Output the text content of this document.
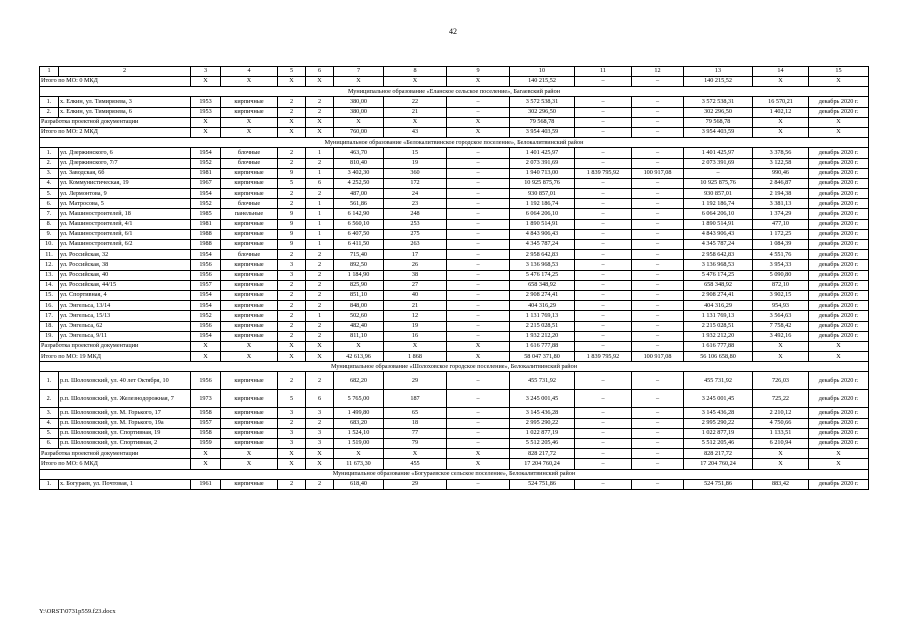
42
1	2	3	4	5	6	7	8	9	10	11	12	13	14	15
Итого по МО: 0 МКД		X	X	X	X	X	X	X	140 215,52	–	–	140 215,52	X	X
Муниципальное образование «Еланское сельское поселение», Багаевский район														
1.	х. Елкин, ул. Тимирязева, 3	1953	кирпичные	2	2	380,00	22	–	3 572 538,31	–	–	3 572 538,31	16 570,21	декабрь 2020 г.
2.	х. Елкин, ул. Тимирязева, 6	1953	кирпичные	2	2	380,00	21	–	302 296,50	–	–	302 296,50	1 402,12	декабрь 2020 г.
Разработка проектной документации		X	X	X	X	X	X	X	79 568,78	–	–	79 568,78	X	X
Итого по МО: 2 МКД		X	X	X	X	760,00	43	X	3 954 403,59	–	–	3 954 403,59	X	X
Муниципальное образование «Белокалитвинское городское поселение», Белокалитвинский район														
1.	ул. Дзержинского, 6	1954	блочные	2	1	463,70	15	–	1 401 425,97	–	–	1 401 425,97	3 378,56	декабрь 2020 г.
2.	ул. Дзержинского, 7/7	1952	блочные	2	2	810,40	19	–	2 073 391,69	–	–	2 073 391,69	3 122,58	декабрь 2020 г.
3.	ул. Заводская, 6б	1981	кирпичные	9	1	3 402,30	360	–	1 940 713,00	1 839 795,92	100 917,08	–	990,46	декабрь 2020 г.
4.	ул. Коммунистическая, 19	1967	кирпичные	5	6	4 252,50	172	–	10 925 875,76	–	–	10 925 875,76	2 846,87	декабрь 2020 г.
5.	ул. Лермонтова, 9	1954	кирпичные	2	2	487,00	24	–	930 857,01	–	–	930 857,01	2 194,38	декабрь 2020 г.
6.	ул. Матросова, 5	1952	блочные	2	1	561,86	23	–	1 192 186,74	–	–	1 192 186,74	3 381,13	декабрь 2020 г.
7.	ул. Машиностроителей, 18	1985	панельные	9	1	6 142,90	248	–	6 064 206,10	–	–	6 064 206,10	1 374,29	декабрь 2020 г.
8.	ул. Машиностроителей, 4/1	1981	кирпичные	9	1	6 560,10	253	–	1 890 514,91	–	–	1 890 514,91	477,10	декабрь 2020 г.
9.	ул. Машиностроителей, 6/1	1988	кирпичные	9	1	6 407,50	275	–	4 843 906,43	–	–	4 843 906,43	1 172,25	декабрь 2020 г.
10.	ул. Машиностроителей, 6/2	1988	кирпичные	9	1	6 411,50	263	–	4 345 787,24	–	–	4 345 787,24	1 084,39	декабрь 2020 г.
11.	ул. Российская, 32	1954	блочные	2	2	715,40	17	–	2 958 642,83	–	–	2 958 642,83	4 551,76	декабрь 2020 г.
12.	ул. Российская, 38	1956	кирпичные	3	2	892,50	26	–	3 136 968,53	–	–	3 136 968,53	3 954,33	декабрь 2020 г.
13.	ул. Российская, 40	1956	кирпичные	3	2	1 184,90	38	–	5 476 174,25	–	–	5 476 174,25	5 090,80	декабрь 2020 г.
14.	ул. Российская, 44/15	1957	кирпичные	2	2	825,90	27	–	658 348,92	–	–	658 348,92	872,10	декабрь 2020 г.
15.	ул. Спортивная, 4	1954	кирпичные	2	2	851,10	40	–	2 908 274,41	–	–	2 908 274,41	3 902,15	декабрь 2020 г.
16.	ул. Энгельса, 13/14	1954	кирпичные	2	2	848,00	21	–	404 316,29	–	–	404 316,29	954,93	декабрь 2020 г.
17.	ул. Энгельса, 15/13	1952	кирпичные	2	1	502,60	12	–	1 131 769,13	–	–	1 131 769,13	3 564,63	декабрь 2020 г.
18.	ул. Энгельса, 62	1956	кирпичные	2	2	482,40	19	–	2 215 028,51	–	–	2 215 028,51	7 758,42	декабрь 2020 г.
19.	ул. Энгельса, 9/11	1954	кирпичные	2	2	811,10	16	–	1 932 212,20	–	–	1 932 212,20	3 492,16	декабрь 2020 г.
Разработка проектной документации		X	X	X	X	X	X	X	1 616 777,88	–	–	1 616 777,88	X	X
Итого по МО: 19 МКД		X	X	X	X	42 613,96	1 868	X	58 047 371,80	1 839 795,92	100 917,08	56 106 658,80	X	X
Муниципальное образование «Шолоховское городское поселение», Белокалитвинский район														
1.	р.п. Шолоховский, ул. 40 лет Октября, 10	1956	кирпичные	2	2	682,20	29	–	455 731,92	–	–	455 731,92	726,03	декабрь 2020 г.
2.	р.п. Шолоховский, ул. Железнодорожная, 7	1973	кирпичные	5	6	5 765,00	187	–	3 245 001,45	–	–	3 245 001,45	725,22	декабрь 2020 г.
3.	р.п. Шолоховский, ул. М. Горького, 17	1958	кирпичные	3	3	1 499,80	65	–	3 145 436,28	–	–	3 145 436,28	2 210,12	декабрь 2020 г.
4.	р.п. Шолоховский, ул. М. Горького, 19а	1957	кирпичные	2	2	683,20	18	–	2 995 290,22	–	–	2 995 290,22	4 750,66	декабрь 2020 г.
5.	р.п. Шолоховский, ул. Спортивная, 19	1958	кирпичные	3	3	1 524,10	77	–	1 022 877,19	–	–	1 022 877,19	1 133,51	декабрь 2020 г.
6.	р.п. Шолоховский, ул. Спортивная, 2	1959	кирпичные	3	3	1 519,00	79	–	5 512 205,46	–	–	5 512 205,46	6 210,94	декабрь 2020 г.
Разработка проектной документации		X	X	X	X	X	X	X	828 217,72	–	–	828 217,72	X	X
Итого по МО: 6 МКД		X	X	X	X	11 673,30	455	X	17 204 760,24	–	–	17 204 760,24	X	X
Муниципальное образование «Богураевское сельское поселение», Белокалитвинский район														
1.	х. Богураев, ул. Почтовая, 1	1961	кирпичные	2	2	618,40	29	–	524 751,86	–	–	524 751,86	883,42	декабрь 2020 г.
Y:\ORST\0731p559.f23.docx
